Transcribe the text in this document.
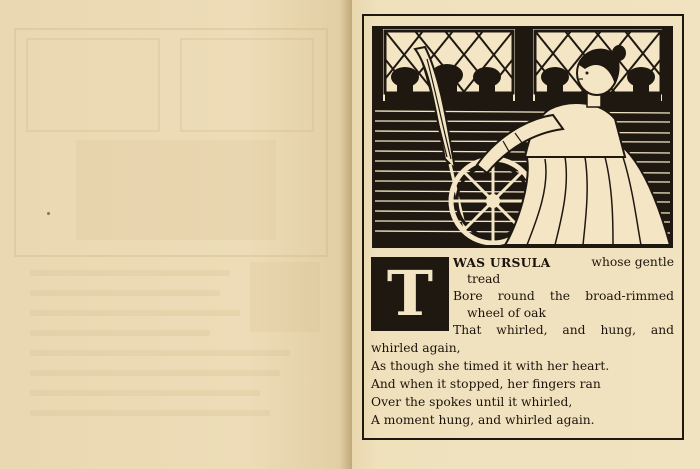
T	WAS URSULA	whose gentle
tread
Bore round the broad-rimmed
wheel of oak
That whirled, and hung, and
whirled again,
As though she timed it with her heart.
And when it stopped, her fingers ran
Over the spokes until it whirled,
A moment hung, and whirled again.
